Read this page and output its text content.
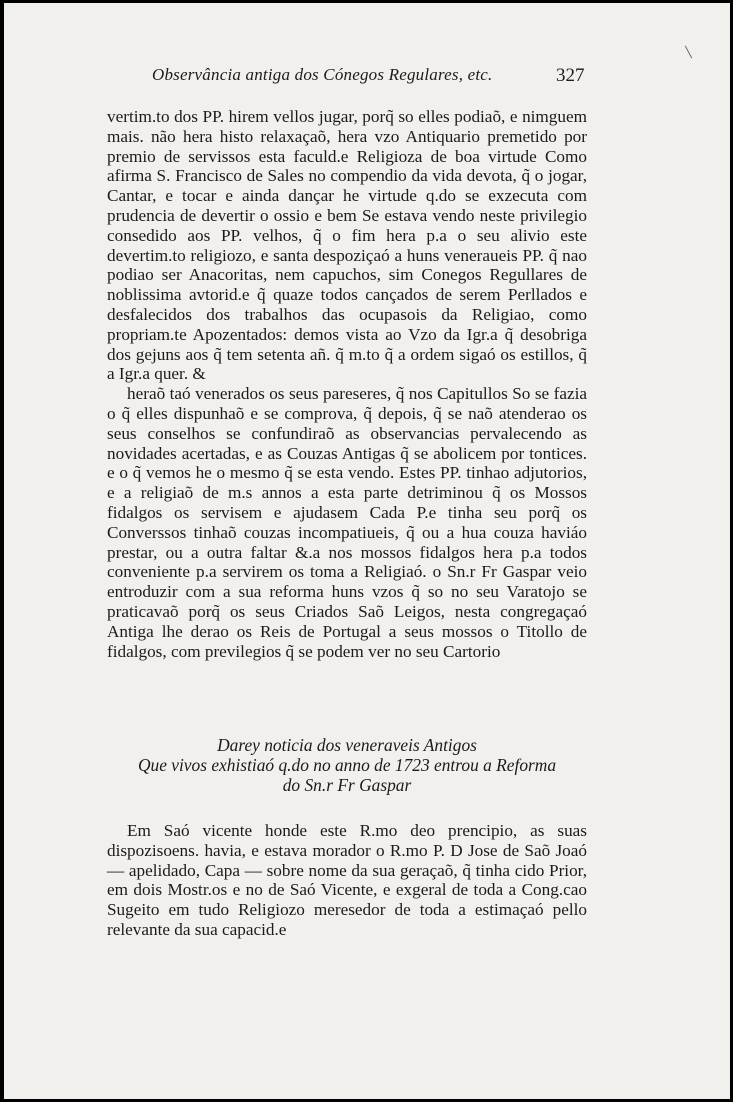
Observância antiga dos Cónegos Regulares, etc.	327

vertim.to dos PP. hirem vellos jugar, porq̃ so elles podiaõ, e nimguem mais. não hera histo relaxaçaõ, hera vzo Antiquario premetido por premio de servissos esta faculd.e Religioza de boa virtude Como afirma S. Francisco de Sales no compendio da vida devota, q̃ o jogar, Cantar, e tocar e ainda dançar he virtude q.do se exzecuta com prudencia de devertir o ossio e bem Se estava vendo neste privilegio consedido aos PP. velhos, q̃ o fim hera p.a o seu alivio este devertim.to religiozo, e santa despoziçaó a huns veneraueis PP. q̃ nao podiao ser Anacoritas, nem capuchos, sim Conegos Regullares de noblissima avtorid.e q̃ quaze todos cançados de serem Perllados e desfalecidos dos trabalhos das ocupasois da Religiao, como propriam.te Apozentados: demos vista ao Vzo da Igr.a q̃ desobriga dos gejuns aos q̃ tem setenta añ. q̃ m.to q̃ a ordem sigaó os estillos, q̃ a Igr.a quer. &

heraõ taó venerados os seus pareseres, q̃ nos Capitullos So se fazia o q̃ elles dispunhaõ e se comprova, q̃ depois, q̃ se naõ atenderao os seus conselhos se confundiraõ as observancias pervalecendo as novidades acertadas, e as Couzas Antigas q̃ se abolicem por tontices. e o q̃ vemos he o mesmo q̃ se esta vendo. Estes PP. tinhao adjutorios, e a religiaõ de m.s annos a esta parte detriminou q̃ os Mossos fidalgos os servisem e ajudasem Cada P.e tinha seu porq̃ os Converssos tinhaõ couzas incompatiueis, q̃ ou a hua couza haviáo prestar, ou a outra faltar &.a nos mossos fidalgos hera p.a todos conveniente p.a servirem os toma a Religiaó. o Sn.r Fr Gaspar veio entroduzir com a sua reforma huns vzos q̃ so no seu Varatojo se praticavaõ porq̃ os seus Criados Saõ Leigos, nesta congregaçaó Antiga lhe derao os Reis de Portugal a seus mossos o Titollo de fidalgos, com previlegios q̃ se podem ver no seu Cartorio

Darey noticia dos veneraveis Antigos
Que vivos exhistiaó q.do no anno de 1723 entrou a Reforma
do Sn.r Fr Gaspar

Em Saó vicente honde este R.mo deo prencipio, as suas dispozisoens. havia, e estava morador o R.mo P. D Jose de Saõ Joaó — apelidado, Capa — sobre nome da sua geraçaõ, q̃ tinha cido Prior, em dois Mostr.os e no de Saó Vicente, e exgeral de toda a Cong.cao Sugeito em tudo Religiozo meresedor de toda a estimaçaó pello relevante da sua capacid.e
